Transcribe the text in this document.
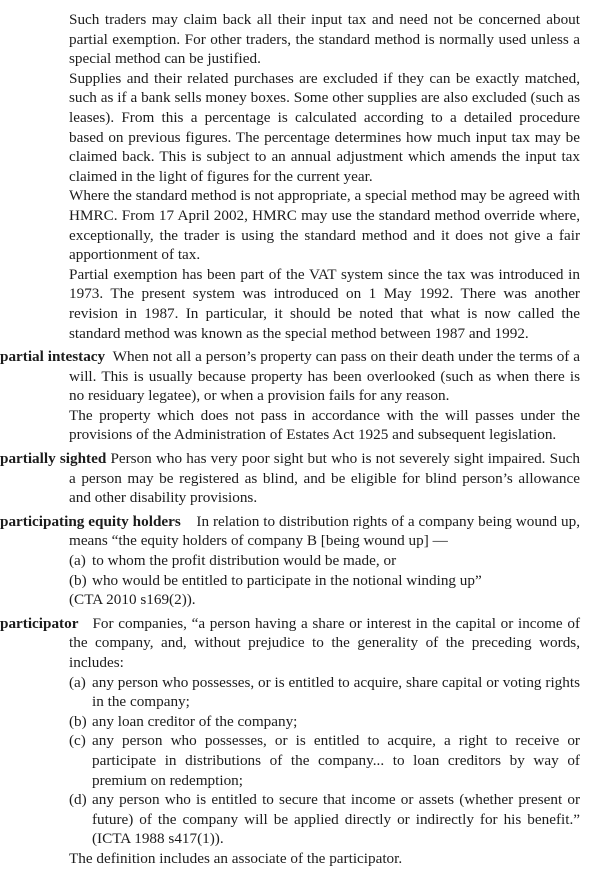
Such traders may claim back all their input tax and need not be concerned about partial exemption. For other traders, the standard method is normally used unless a special method can be justified.

Supplies and their related purchases are excluded if they can be exactly matched, such as if a bank sells money boxes. Some other supplies are also excluded (such as leases). From this a percentage is calculated according to a detailed procedure based on previous figures. The percentage determines how much input tax may be claimed back. This is subject to an annual adjustment which amends the input tax claimed in the light of figures for the current year.

Where the standard method is not appropriate, a special method may be agreed with HMRC. From 17 April 2002, HMRC may use the standard method override where, exceptionally, the trader is using the standard method and it does not give a fair apportionment of tax.

Partial exemption has been part of the VAT system since the tax was introduced in 1973. The present system was introduced on 1 May 1992. There was another revision in 1987. In particular, it should be noted that what is now called the standard method was known as the special method between 1987 and 1992.

partial intestacy When not all a person’s property can pass on their death under the terms of a will. This is usually because property has been overlooked (such as when there is no residuary legatee), or when a provision fails for any reason.

The property which does not pass in accordance with the will passes under the provisions of the Administration of Estates Act 1925 and subsequent legislation.

partially sighted Person who has very poor sight but who is not severely sight impaired. Such a person may be registered as blind, and be eligible for blind person’s allowance and other disability provisions.

participating equity holders In relation to distribution rights of a company being wound up, means “the equity holders of company B [being wound up] —

(a) to whom the profit distribution would be made, or
(b) who would be entitled to participate in the notional winding up”

(CTA 2010 s169(2)).

participator For companies, “a person having a share or interest in the capital or income of the company, and, without prejudice to the generality of the preceding words, includes:

(a) any person who possesses, or is entitled to acquire, share capital or voting rights in the company;
(b) any loan creditor of the company;
(c) any person who possesses, or is entitled to acquire, a right to receive or participate in distributions of the company... to loan creditors by way of premium on redemption;
(d) any person who is entitled to secure that income or assets (whether present or future) of the company will be applied directly or indirectly for his benefit.” (ICTA 1988 s417(1)).

The definition includes an associate of the participator.
